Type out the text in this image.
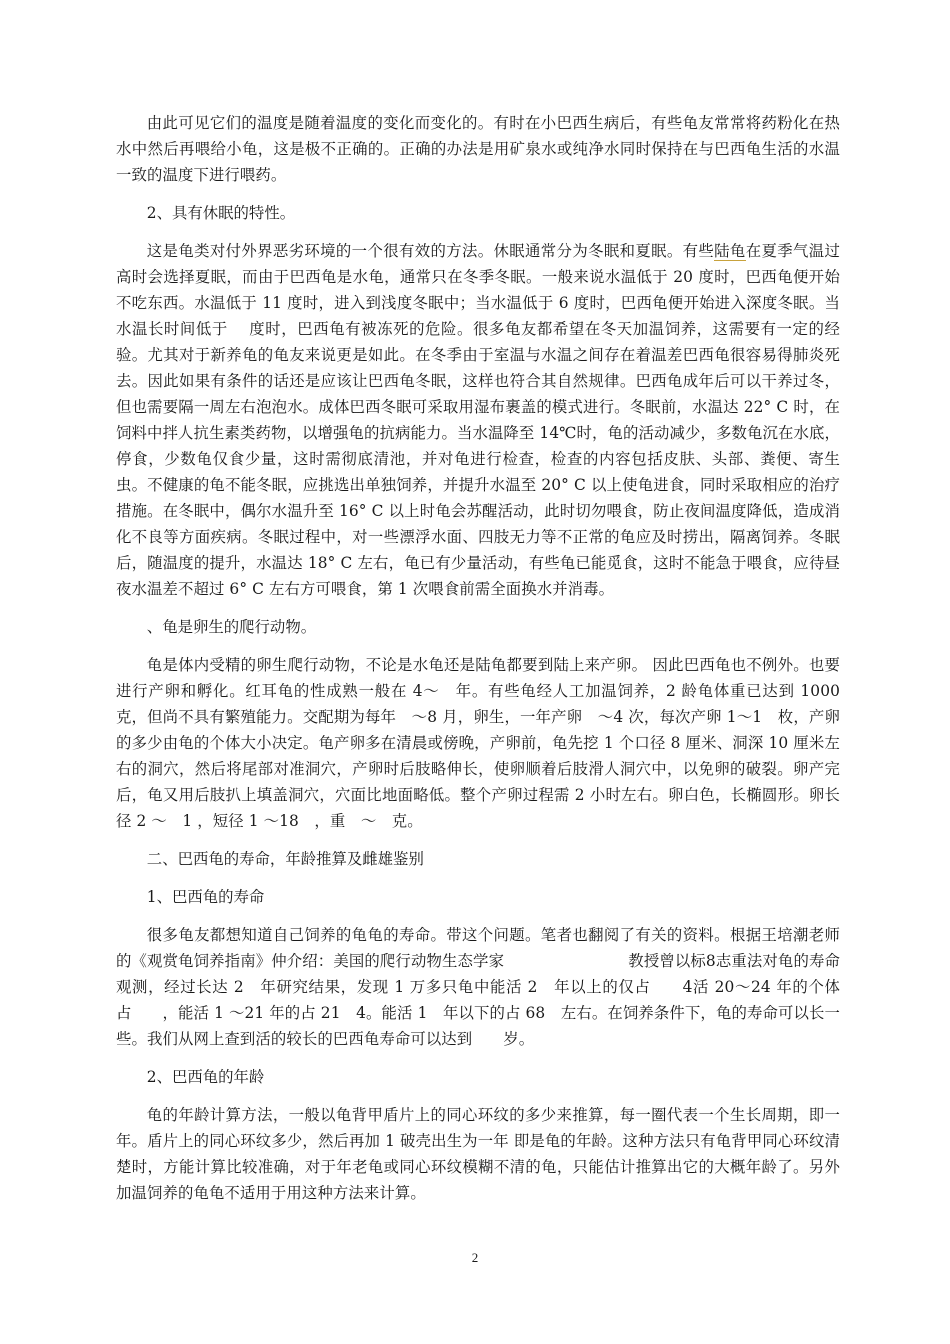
由此可见它们的温度是随着温度的变化而变化的。有时在小巴西生病后，有些龟友常常将药粉化在热水中然后再喂给小龟，这是极不正确的。正确的办法是用矿泉水或纯净水同时保持在与巴西龟生活的水温一致的温度下进行喂药。

2、具有休眠的特性。

这是龟类对付外界恶劣环境的一个很有效的方法。休眠通常分为冬眠和夏眠。有些陆龟在夏季气温过高时会选择夏眠，而由于巴西龟是水龟，通常只在冬季冬眠。一般来说水温低于 20 度时，巴西龟便开始不吃东西。水温低于 11 度时，进入到浅度冬眠中；当水温低于 6 度时，巴西龟便开始进入深度冬眠。当水温长时间低于　 度时，巴西龟有被冻死的危险。很多龟友都希望在冬天加温饲养，这需要有一定的经验。尤其对于新养龟的龟友来说更是如此。在冬季由于室温与水温之间存在着温差巴西龟很容易得肺炎死去。因此如果有条件的话还是应该让巴西龟冬眠，这样也符合其自然规律。巴西龟成年后可以干养过冬，但也需要隔一周左右泡泡水。成体巴西冬眠可采取用湿布裹盖的模式进行。冬眠前，水温达 22° C 时，在饲料中拌人抗生素类药物，以增强龟的抗病能力。当水温降至 14℃时，龟的活动减少，多数龟沉在水底，停食，少数龟仅食少量，这时需彻底清池，并对龟进行检查，检查的内容包括皮肤、头部、粪便、寄生虫。不健康的龟不能冬眠，应挑选出单独饲养，并提升水温至 20° C 以上使龟进食，同时采取相应的治疗措施。在冬眠中，偶尔水温升至 16° C 以上时龟会苏醒活动，此时切勿喂食，防止夜间温度降低，造成消化不良等方面疾病。冬眠过程中，对一些漂浮水面、四肢无力等不正常的龟应及时捞出，隔离饲养。冬眠后，随温度的提升，水温达 18° C 左右，龟已有少量活动，有些龟已能觅食，这时不能急于喂食，应待昼夜水温差不超过 6° C 左右方可喂食，第 1 次喂食前需全面换水并消毒。

、龟是卵生的爬行动物。

龟是体内受精的卵生爬行动物，不论是水龟还是陆龟都要到陆上来产卵。 因此巴西龟也不例外。也要进行产卵和孵化。红耳龟的性成熟一般在 4～　年。有些龟经人工加温饲养，2 龄龟体重已达到 1000 克，但尚不具有繁殖能力。交配期为每年　～8 月，卵生，一年产卵　～4 次，每次产卵 1～1　枚，产卵的多少由龟的个体大小决定。龟产卵多在清晨或傍晚，产卵前，龟先挖 1 个口径 8 厘米、洞深 10 厘米左右的洞穴，然后将尾部对准洞穴，产卵时后肢略伸长，使卵顺着后肢滑人洞穴中，以免卵的破裂。卵产完后，龟又用后肢扒上填盖洞穴，穴面比地面略低。整个产卵过程需 2 小时左右。卵白色，长椭圆形。卵长径 2 ～　1 ，短径 1 ～18　，重　～　克。

二、巴西龟的寿命，年龄推算及雌雄鉴别

1、巴西龟的寿命

很多龟友都想知道自己饲养的龟龟的寿命。带这个问题。笔者也翻阅了有关的资料。根据王培潮老师的《观赏龟饲养指南》仲介绍：美国的爬行动物生态学家　　　　　　　　教授曾以标8志重法对龟的寿命观测，经过长达 2　年研究结果，发现 1 万多只龟中能活 2　年以上的仅占　　4活 20～24 年的个体占　　，能活 1 ～21 年的占 21　4。能活 1　年以下的占 68　左右。在饲养条件下，龟的寿命可以长一些。我们从网上查到活的较长的巴西龟寿命可以达到　　岁。

2、巴西龟的年龄

龟的年龄计算方法，一般以龟背甲盾片上的同心环纹的多少来推算，每一圈代表一个生长周期，即一年。盾片上的同心环纹多少，然后再加 1 破壳出生为一年 即是龟的年龄。这种方法只有龟背甲同心环纹清楚时，方能计算比较准确，对于年老龟或同心环纹模糊不清的龟，只能估计推算出它的大概年龄了。另外加温饲养的龟龟不适用于用这种方法来计算。

2
